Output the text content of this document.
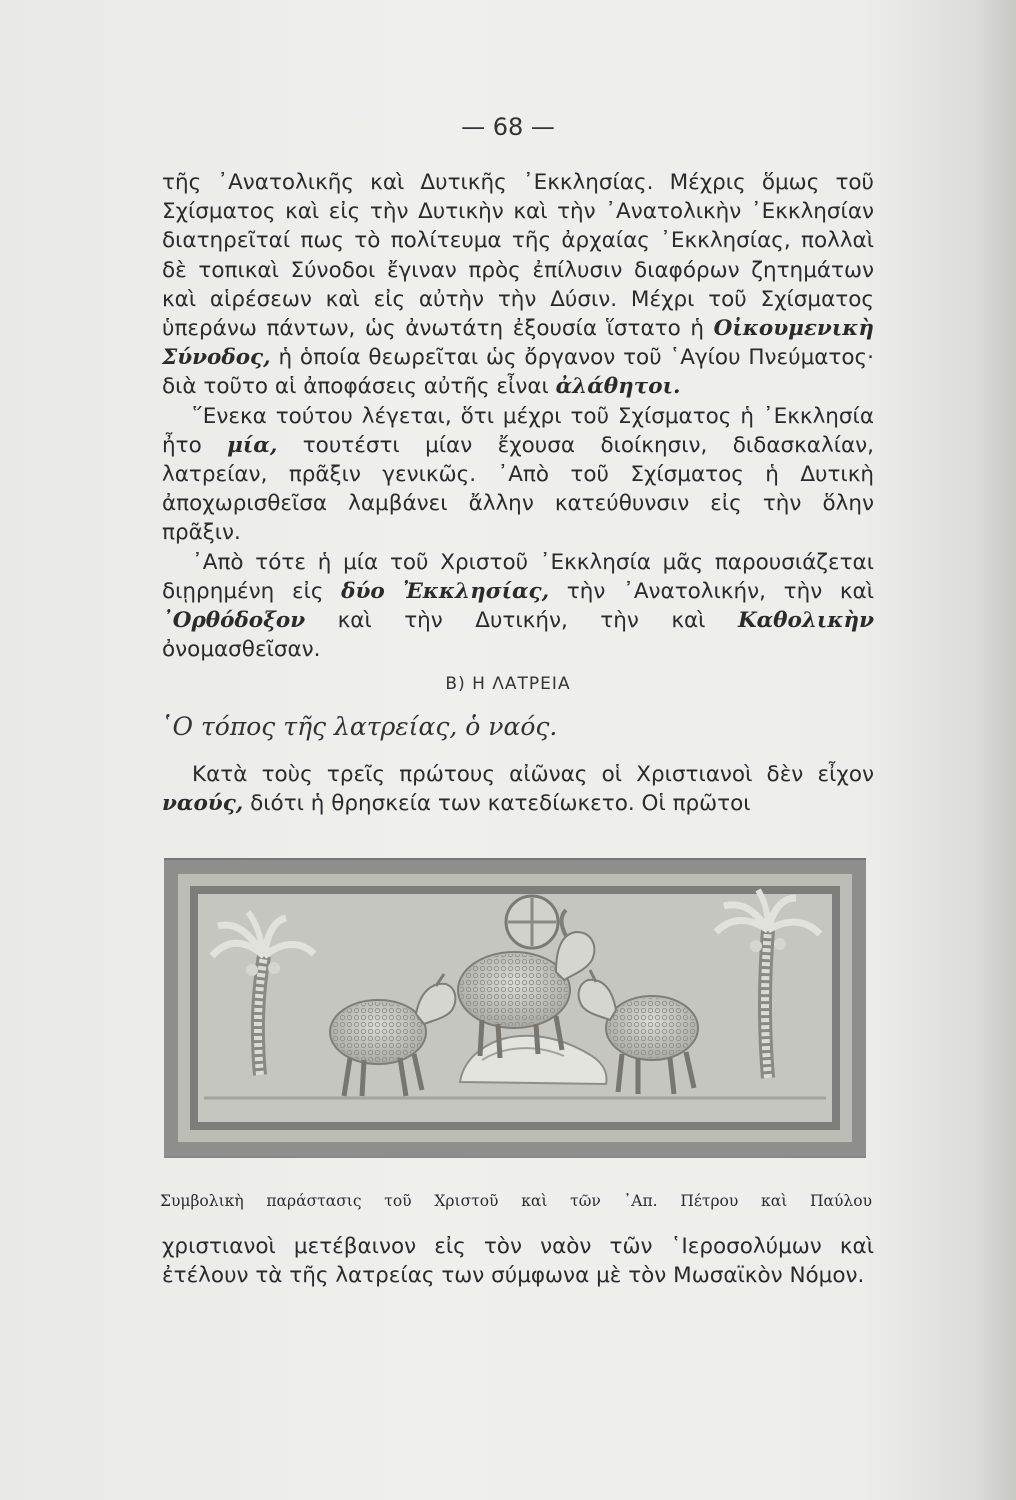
— 68 —

τῆς ᾿Ανατολικῆς καὶ Δυτικῆς ᾿Εκκλησίας. Μέχρις ὅμως τοῦ Σχίσματος καὶ εἰς τὴν Δυτικὴν καὶ τὴν ᾿Ανατολικὴν ᾿Εκκλησίαν διατηρεῖταί πως τὸ πολίτευμα τῆς ἀρχαίας ᾿Εκκλησίας, πολλαὶ δὲ τοπικαὶ Σύνοδοι ἔγιναν πρὸς ἐπίλυσιν διαφόρων ζητημάτων καὶ αἱρέσεων καὶ εἰς αὐτὴν τὴν Δύσιν. Μέχρι τοῦ Σχίσματος ὑπεράνω πάντων, ὡς ἀνωτάτη ἐξουσία ἵστατο ἡ Οἰκουμενικὴ Σύνοδος, ἡ ὁποία θεωρεῖται ὡς ὄργανον τοῦ ῾Αγίου Πνεύματος· διὰ τοῦτο αἱ ἀποφάσεις αὐτῆς εἶναι ἀλάθητοι.

῞Ενεκα τούτου λέγεται, ὅτι μέχρι τοῦ Σχίσματος ἡ ᾿Εκκλησία ἦτο μία, τουτέστι μίαν ἔχουσα διοίκησιν, διδασκαλίαν, λατρείαν, πρᾶξιν γενικῶς. ᾿Απὸ τοῦ Σχίσματος ἡ Δυτικὴ ἀποχωρισθεῖσα λαμβάνει ἄλλην κατεύθυνσιν εἰς τὴν ὅλην πρᾶξιν.

᾿Απὸ τότε ἡ μία τοῦ Χριστοῦ ᾿Εκκλησία μᾶς παρουσιάζεται διῃρημένη εἰς δύο Ἐκκλησίας, τὴν ᾿Ανατολικήν, τὴν καὶ ᾿Ορθόδοξον καὶ τὴν Δυτικήν, τὴν καὶ Καθολικὴν ὀνομασθεῖσαν.

Β) Η ΛΑΤΡΕΙΑ
῾Ο τόπος τῆς λατρείας, ὁ ναός.

Κατὰ τοὺς τρεῖς πρώτους αἰῶνας οἱ Χριστιανοὶ δὲν εἶχον ναούς, διότι ἡ θρησκεία των κατεδίωκετο. Οἱ πρῶτοι

Συμβολικὴ παράστασις τοῦ Χριστοῦ καὶ τῶν ᾿Απ. Πέτρου καὶ Παύλου

χριστιανοὶ μετέβαινον εἰς τὸν ναὸν τῶν ῾Ιεροσολύμων καὶ ἐτέλουν τὰ τῆς λατρείας των σύμφωνα μὲ τὸν Μωσαϊκὸν Νόμον.
